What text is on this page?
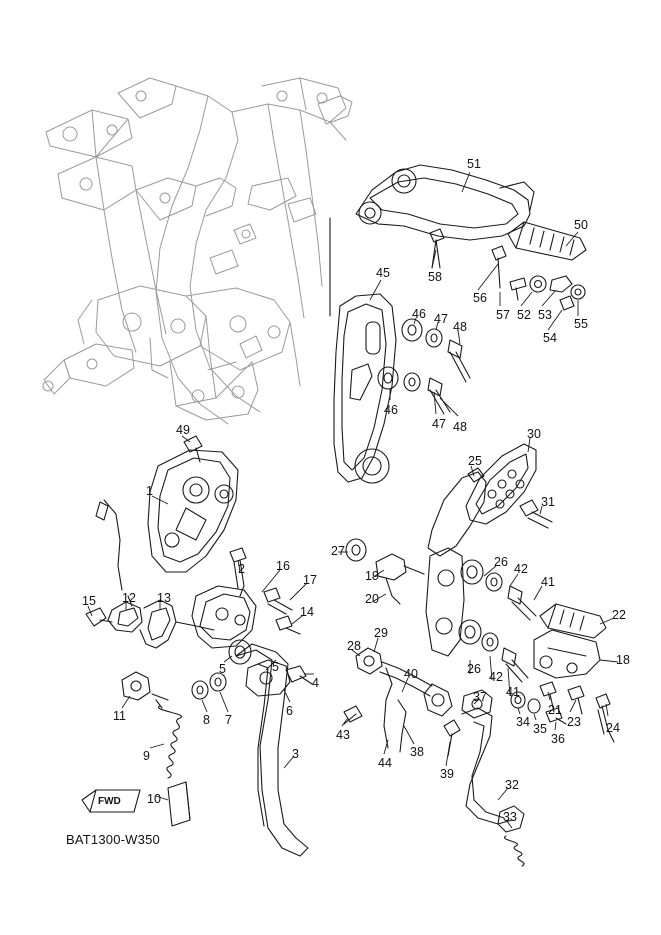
BAT1300-W350
FWD
51
50
58
45
56
57 52 53
54
55
46 47
48
46
47 48	30
25
31
49
1
27
26 42
41
19
20
2 16
17
14	22
18
15 12 13
28
29
40	26
42
41
37
21
23 24
5	5
4
6
7
8
11
43
44
38
39
34 35
36
9	3
10
32
33
